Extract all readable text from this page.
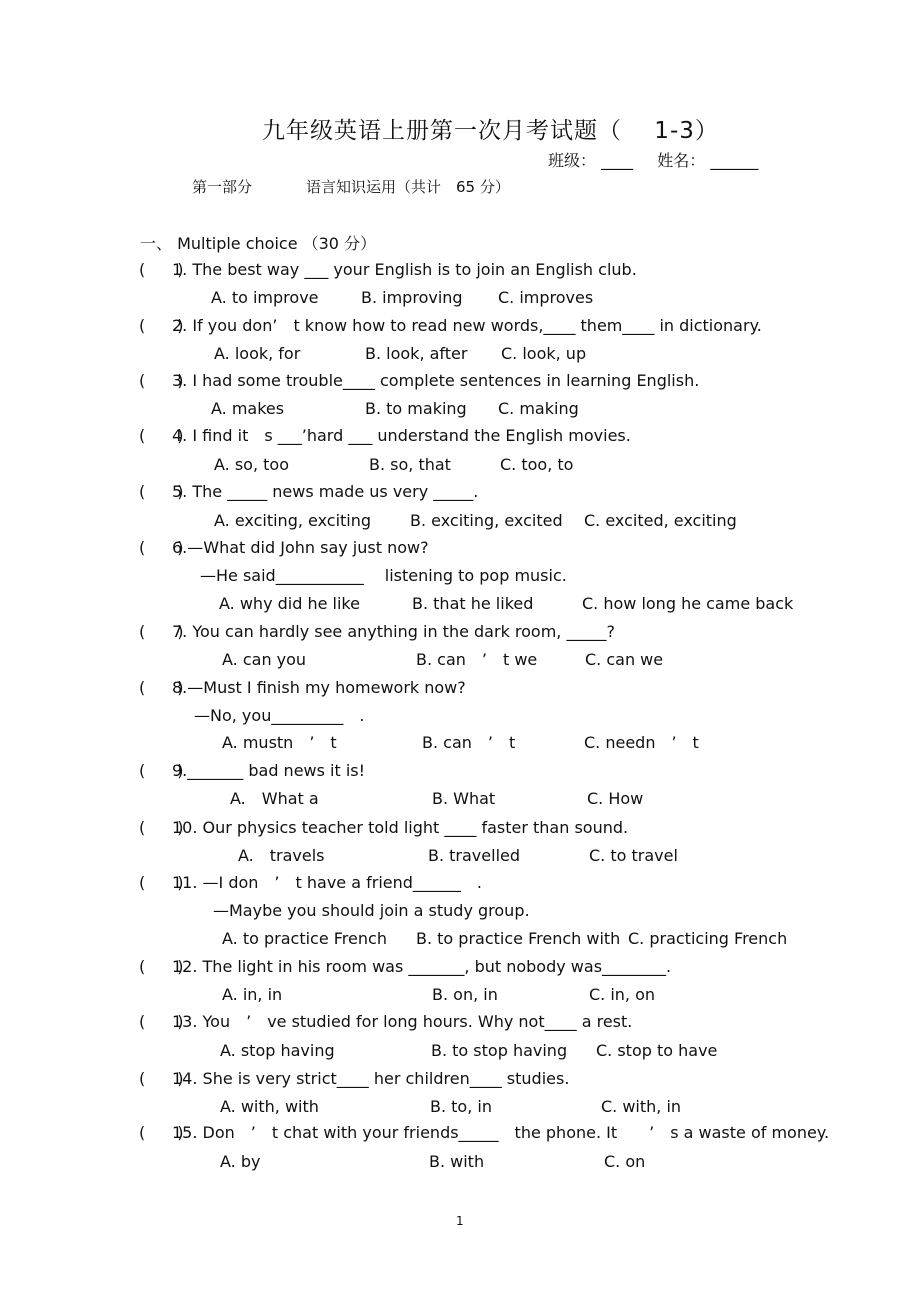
九年级英语上册第一次月考试题（　 1-3）
班级： ____ 姓名： ______
第一部分	语言知识运用（共计　65 分）
一、 Multiple choice （30 分）
(　　)
1. The best way ___ your English is to join an English club.
A. to improve	B. improving C. improves
(　　)
2. If you don’　t know how to read new words,____ them____ in dictionary.
A. look, for	B. look, after C. look, up
(　　)
3. I had some trouble____ complete sentences in learning English.
A. makes	B. to making C. making
(　　)
4. I find it　s ___’hard ___ understand the English movies.
A. so, too	B. so, that	C. too, to
(　　)
5. The _____ news made us very _____.
A. exciting, exciting B. exciting, excited C. excited, exciting
(　　)
6.—What did John say just now?
—He said___________　 listening to pop music.
A. why did he like	B. that he liked	C. how long he came back
(　　)
7. You can hardly see anything in the dark room, _____?
A. can you	B. can　’　t we	C. can we
(　　)
8.—Must I finish my homework now?
—No, you_________　.
A. mustn　’　t	B. can　’　t	C. needn　’　t
(　　)
9._______ bad news it is!
A.　What a	B. What	C. How
(　　)
10. Our physics teacher told light ____ faster than sound.
A.　travels	B. travelled	C. to travel
(　　)
11. —I don　’　t have a friend______　.
—Maybe you should join a study group.
A. to practice French B. to practice French with C. practicing French
(　　)
12. The light in his room was _______, but nobody was________.
A. in, in	B. on, in	C. in, on
(　　)
13. You　’　ve studied for long hours. Why not____ a rest.
A. stop having	B. to stop having C. stop to have
(　　)
14. She is very strict____ her children____ studies.
A. with, with	B. to, in	C. with, in
(　　)
15. Don　’　t chat with your friends_____　the phone. It　　’　s a waste of money.
A. by	B. with	C. on
1
